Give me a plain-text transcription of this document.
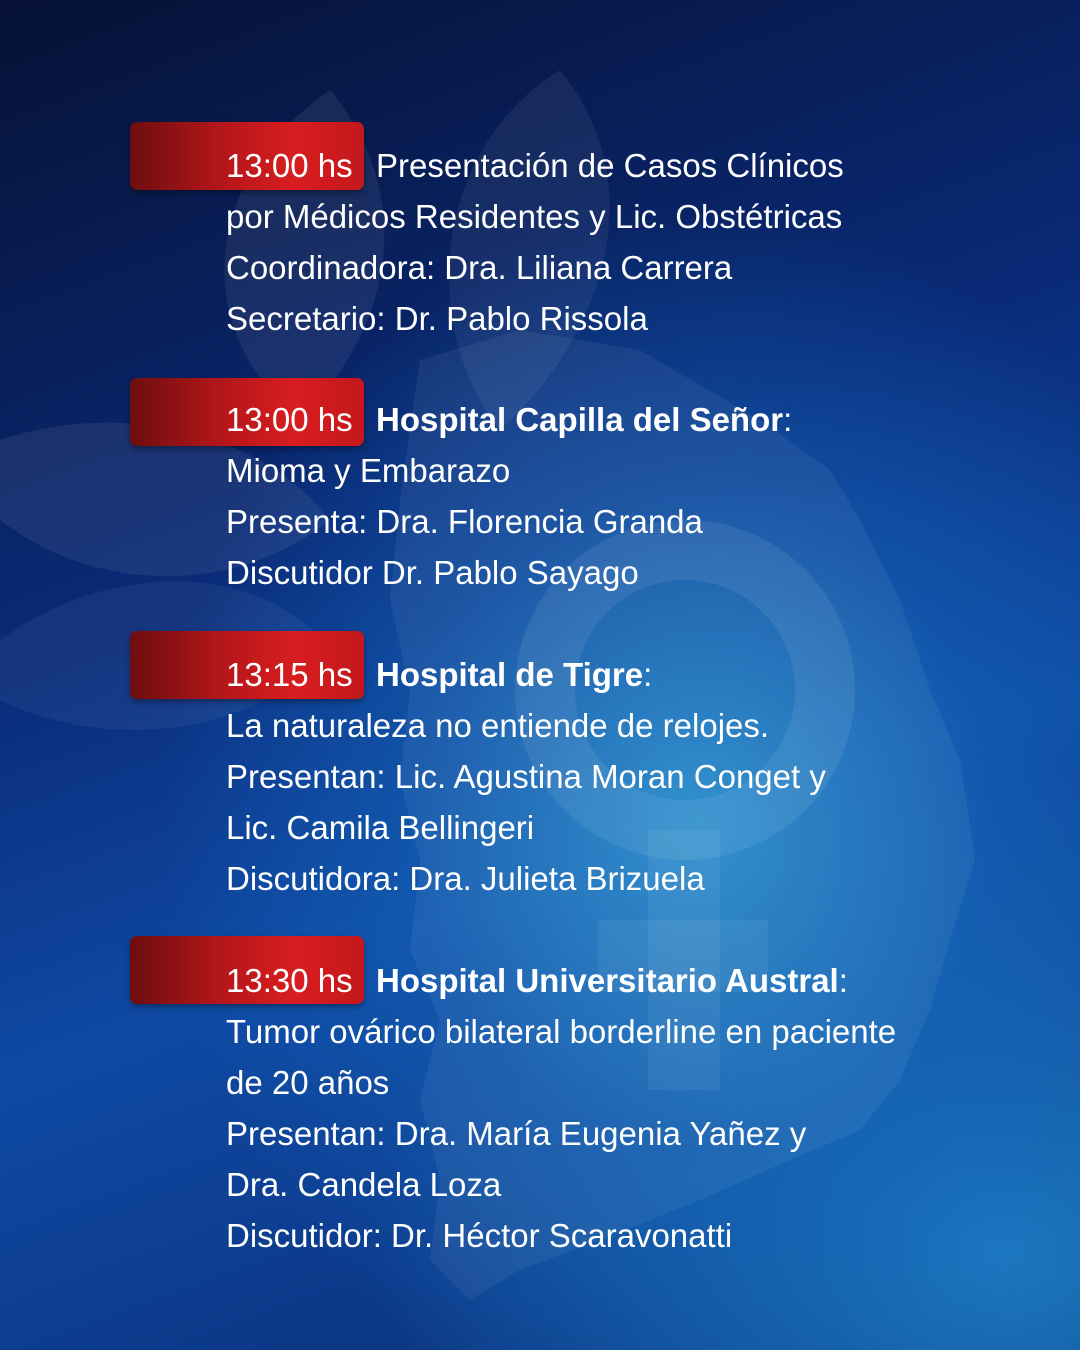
13:00 hs Presentación de Casos Clínicos
por Médicos Residentes y Lic. Obstétricas
Coordinadora: Dra. Liliana Carrera
Secretario: Dr. Pablo Rissola
13:00 hs Hospital Capilla del Señor:
Mioma y Embarazo
Presenta: Dra. Florencia Granda
Discutidor Dr. Pablo Sayago
13:15 hs Hospital de Tigre:
La naturaleza no entiende de relojes.
Presentan: Lic. Agustina Moran Conget y
Lic. Camila Bellingeri
Discutidora: Dra. Julieta Brizuela
13:30 hs Hospital Universitario Austral:
Tumor ovárico bilateral borderline en paciente
de 20 años
Presentan: Dra. María Eugenia Yañez y
Dra. Candela Loza
Discutidor: Dr. Héctor Scaravonatti
